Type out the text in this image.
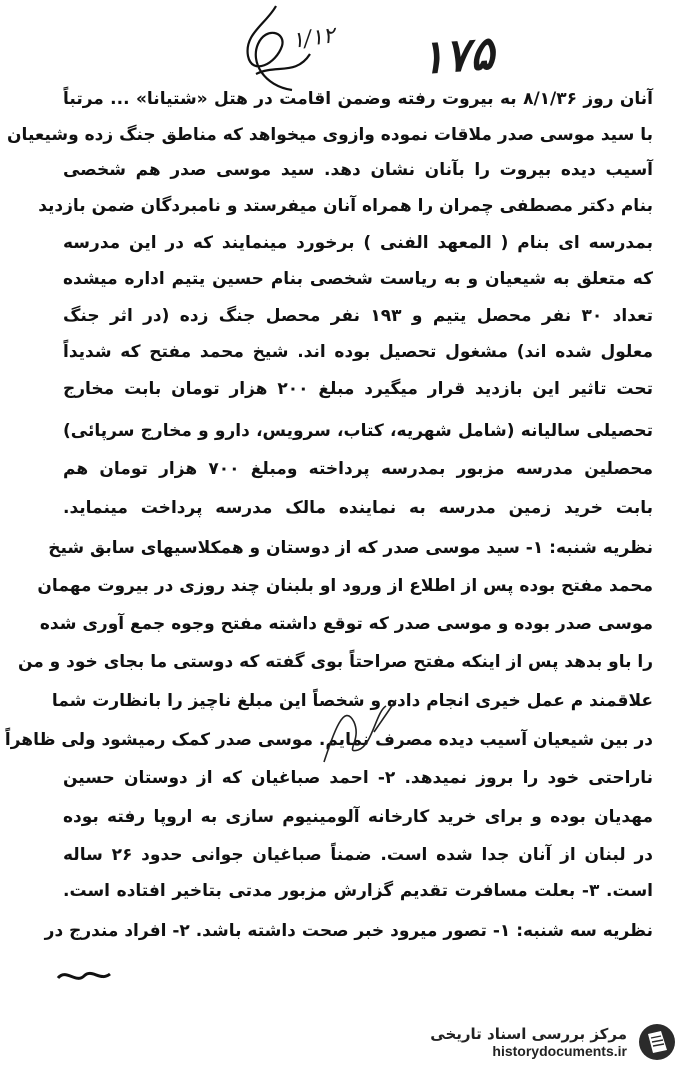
۱/۱۲ ۱۷۵
آنان روز ۸/۱/۳۶ به بیروت رفته وضمن اقامت در هتل «شتیانا» ... مرتباً
با سید موسی صدر ملاقات نموده وازوی میخواهد که مناطق جنگ زده وشیعیان
آسیب دیده بیروت را بآنان نشان دهد. سید موسی صدر هم شخصی
بنام دکتر مصطفی چمران را همراه آنان میفرستد و نامبردگان ضمن بازدید
بمدرسه ای بنام ( المعهد الفنی ) برخورد مینمایند که در این مدرسه
که متعلق به شیعیان و به ریاست شخصی بنام حسین یتیم اداره میشده
تعداد ۳۰ نفر محصل یتیم و ۱۹۳ نفر محصل جنگ زده (در اثر جنگ
معلول شده اند) مشغول تحصیل بوده اند. شیخ محمد مفتح که شدیداً
تحت تاثیر این بازدید قرار میگیرد مبلغ ۲۰۰ هزار تومان بابت مخارج
تحصیلی سالیانه (شامل شهریه، کتاب، سرویس، دارو و مخارج سرپائی)
محصلین مدرسه مزبور بمدرسه پرداخته ومبلغ ۷۰۰ هزار تومان هم
بابت خرید زمین مدرسه به نماینده مالک مدرسه پرداخت مینماید.
نظریه شنبه: ۱- سید موسی صدر که از دوستان و همکلاسیهای سابق شیخ
محمد مفتح بوده پس از اطلاع از ورود او بلبنان چند روزی در بیروت مهمان
موسی صدر بوده و موسی صدر که توقع داشته مفتح وجوه جمع آوری شده
را باو بدهد پس از اینکه مفتح صراحتاً بوی گفته که دوستی ما بجای خود و من
علاقمند م عمل خیری انجام داده و شخصاً این مبلغ ناچیز را بانظارت شما
در بین شیعیان آسیب دیده مصرف نمایم. موسی صدر کمک رمیشود ولی ظاهراً
ناراحتی خود را بروز نمیدهد. ۲- احمد صباغیان که از دوستان حسین
مهدیان بوده و برای خرید کارخانه آلومینیوم سازی به اروپا رفته بوده
در لبنان از آنان جدا شده است. ضمناً صباغیان جوانی حدود ۲۶ ساله
است. ۳- بعلت مسافرت تقدیم گزارش مزبور مدتی بتاخیر افتاده است.
نظریه سه شنبه: ۱- تصور میرود خبر صحت داشته باشد. ۲- افراد مندرج در
مرکز بررسی اسناد تاریخی
historydocuments.ir
